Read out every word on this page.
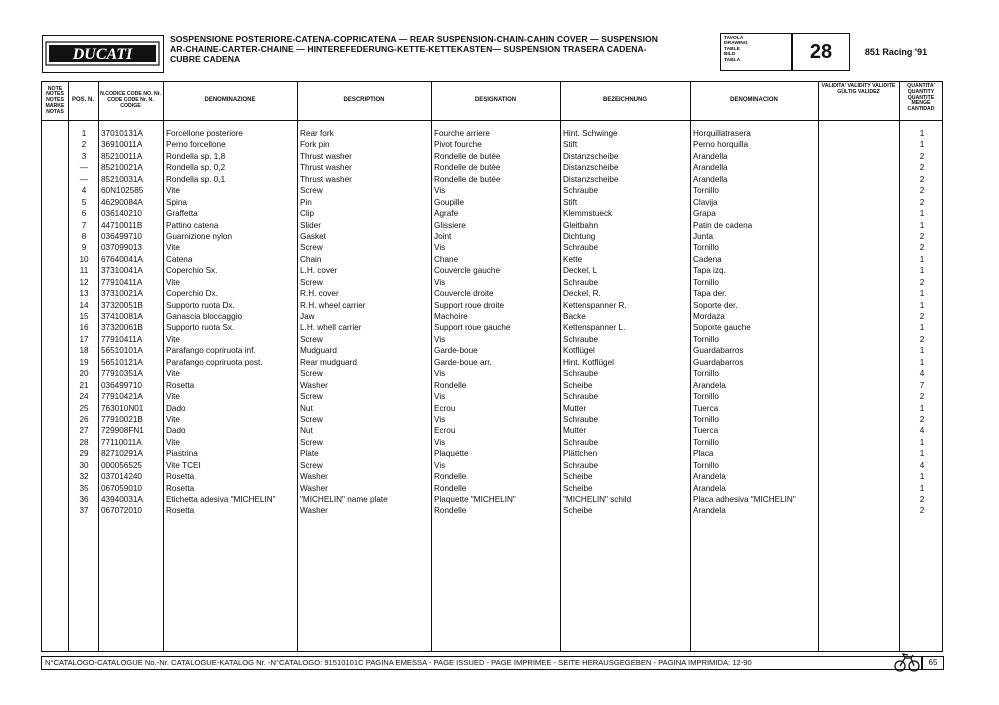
DUCATI
SOSPENSIONE POSTERIORE-CATENA-COPRICATENA — REAR SUSPENSION-CHAIN-CAHIN COVER — SUSPENSION
AR-CHAINE-CARTER-CHAINE — HINTEREFEDERUNG-KETTE-KETTEKASTEN— SUSPENSION TRASERA CADENA-
CUBRE CADENA
TAVOLA
DRAWING
TABLE
BILD
TABLA	28	851 Racing '91
NOTE NOTES NOTES MARKE NOTAS
POS. N.
N.CODICE CODE NO. Nr. CODE CODE Nr. N. CODIGE
DENOMINAZIONE	DESCRIPTION	DESIGNATION	BEZEICHNUNG	DENOMINACION
VALIDITA' VALIDITY VALIDITE GÜLTIG VALIDEZ
QUANTITA' QUANTITY QUANTITE MENGE CANTIDAD
1	37010131A	Forcellone posteriore	Rear fork	Fourche arriere	Hint. Schwinge	Horquillatrasera	1
2	36910011A	Perno forcellone	Fork pin	Pivot fourche	Stift	Perno horquilla	1
3	85210011A	Rondella sp. 1,8	Thrust washer	Rondelle de butée	Distanzscheibe	Arandella	2
—	85210021A	Rondella sp. 0,2	Thrust washer	Rondelle de butée	Distanzscheibe	Arandella	2
—	85210031A	Rondella sp. 0,1	Thrust washer	Rondelle de butée	Distanzscheibe	Arandella	2
4	60N102585	Vite	Screw	Vis	Schraube	Tornillo	2
5	46290084A	Spina	Pin	Goupille	Stift	Clavija	2
6	036140210	Graffetta	Clip	Agrafe	Klemmstueck	Grapa	1
7	44710011B	Pattino catena	Slider	Glissiere	Gleitbahn	Patin de cadena	1
8	036499710	Guarnizione nylon	Gasket	Joint	Dichtung	Junta	2
9	037099013	Vite	Screw	Vis	Schraube	Tornillo	2
10	67640041A	Catena	Chain	Chane	Kette	Cadena	1
11	37310041A	Coperchio Sx.	L.H. cover	Couvercle gauche	Deckel, L	Tapa izq.	1
12	77910411A	Vite	Screw	Vis	Schraube	Tornillo	2
13	37310021A	Coperchio Dx.	R.H. cover	Couvercle droite	Deckel, R.	Tapa der.	1
14	37320051B	Supporto ruota Dx.	R.H. wheel carrier	Support roue droite	Kettenspanner R.	Soporte der.	1
15	37410081A	Ganascia bloccaggio	Jaw	Machoire	Backe	Mordaza	2
16	37320061B	Supporto ruota Sx.	L.H. whell carrier	Support roue gauche	Kettenspanner L.	Soporte gauche	1
17	77910411A	Vite	Screw	Vis	Schraube	Tornillo	2
18	56510101A	Parafango copriruota inf.	Mudguard	Garde-boue	Kotflügel	Guardabarros	1
19	56510121A	Parafango copriruota post.	Rear mudguard	Garde-boue arr.	Hint. Kotflügel	Guardabarros	1
20	77910351A	Vite	Screw	Vis	Schraube	Tornillo	4
21	036499710	Rosetta	Washer	Rondelle	Scheibe	Arandela	7
24	77910421A	Vite	Screw	Vis	Schraube	Tornillo	2
25	763010N01	Dado	Nut	Ecrou	Mutter	Tuerca	1
26	77910021B	Vite	Screw	Vis	Schraube	Tornillo	2
27	729908FN1	Dado	Nut	Ecrou	Mutter	Tuerca	4
28	77110011A	Vite	Screw	Vis	Schraube	Tornillo	1
29	82710291A	Piastrina	Plate	Plaquette	Plättchen	Placa	1
30	000056525	Vite TCEI	Screw	Vis	Schraube	Tornillo	4
32	037014240	Rosetta	Washer	Rondelle	Scheibe	Arandela	1
35	067059010	Rosetta	Washer	Rondelle	Scheibe	Arandela	1
36	43940031A	Etichetta adesiva "MICHELIN"	"MICHELIN" name plate	Plaquette "MICHELIN"	"MICHELIN" schild	Placa adhesiva "MICHELIN"	2
37	067072010	Rosetta	Washer	Rondelle	Scheibe	Arandela	2
N°CATALOGO-CATALOGUE No.-Nr. CATALOGUE-KATALOG Nr. -N°CATALOGO: 91510101C PAGINA EMESSA - PAGE ISSUED - PAGE IMPRIMEE - SEITE HERAUSGEGEBEN - PAGINA IMPRIMIDA: 12-90	65
